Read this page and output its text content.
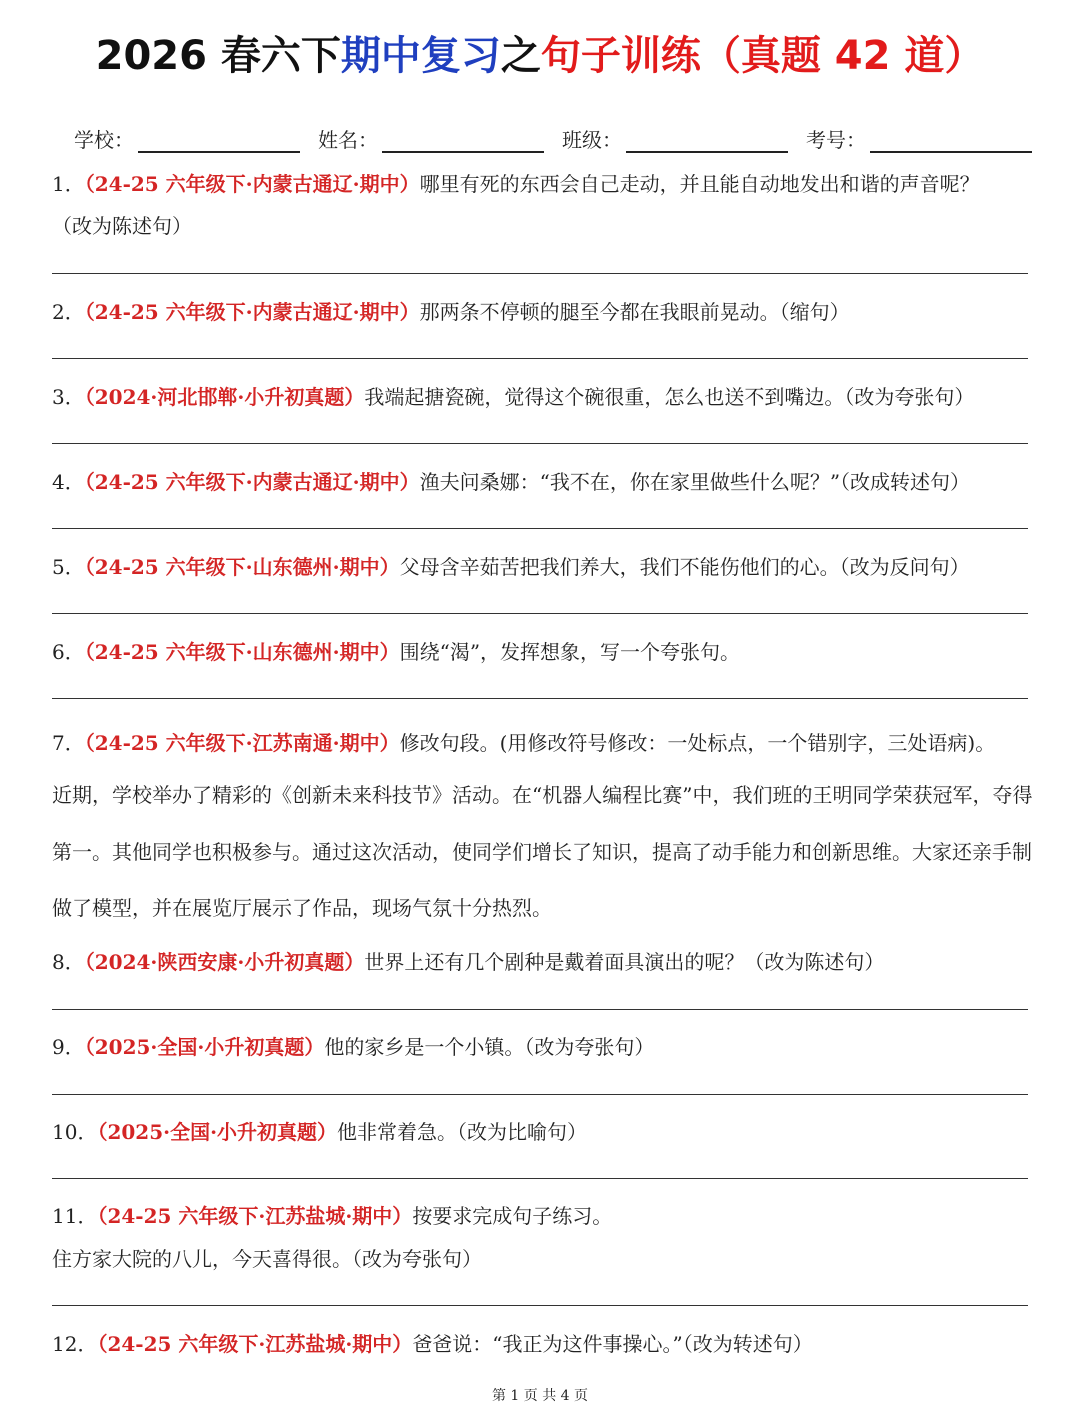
2026 春六下期中复习之句子训练（真题 42 道）
学校：	姓名：	班级：	考号：
1．（24-25 六年级下·内蒙古通辽·期中）哪里有死的东西会自己走动，并且能自动地发出和谐的声音呢？
（改为陈述句）
2．（24-25 六年级下·内蒙古通辽·期中）那两条不停顿的腿至今都在我眼前晃动。（缩句）
3．（2024·河北邯郸·小升初真题）我端起搪瓷碗，觉得这个碗很重，怎么也送不到嘴边。（改为夸张句）
4．（24-25 六年级下·内蒙古通辽·期中）渔夫问桑娜：“我不在，你在家里做些什么呢？”（改成转述句）
5．（24-25 六年级下·山东德州·期中）父母含辛茹苦把我们养大，我们不能伤他们的心。（改为反问句）
6．（24-25 六年级下·山东德州·期中）围绕“渴”，发挥想象，写一个夸张句。
7．（24-25 六年级下·江苏南通·期中）修改句段。(用修改符号修改：一处标点，一个错别字，三处语病)。
近期，学校举办了精彩的《创新未来科技节》活动。在“机器人编程比赛”中，我们班的王明同学荣获冠军，夺得第一。其他同学也积极参与。通过这次活动，使同学们增长了知识，提高了动手能力和创新思维。大家还亲手制做了模型，并在展览厅展示了作品，现场气氛十分热烈。
8．（2024·陕西安康·小升初真题）世界上还有几个剧种是戴着面具演出的呢？（改为陈述句）
9．（2025·全国·小升初真题）他的家乡是一个小镇。（改为夸张句）
10．（2025·全国·小升初真题）他非常着急。（改为比喻句）
11．（24-25 六年级下·江苏盐城·期中）按要求完成句子练习。
住方家大院的八儿，今天喜得很。（改为夸张句）
12．（24-25 六年级下·江苏盐城·期中）爸爸说：“我正为这件事操心。”（改为转述句）
第 1 页 共 4 页
